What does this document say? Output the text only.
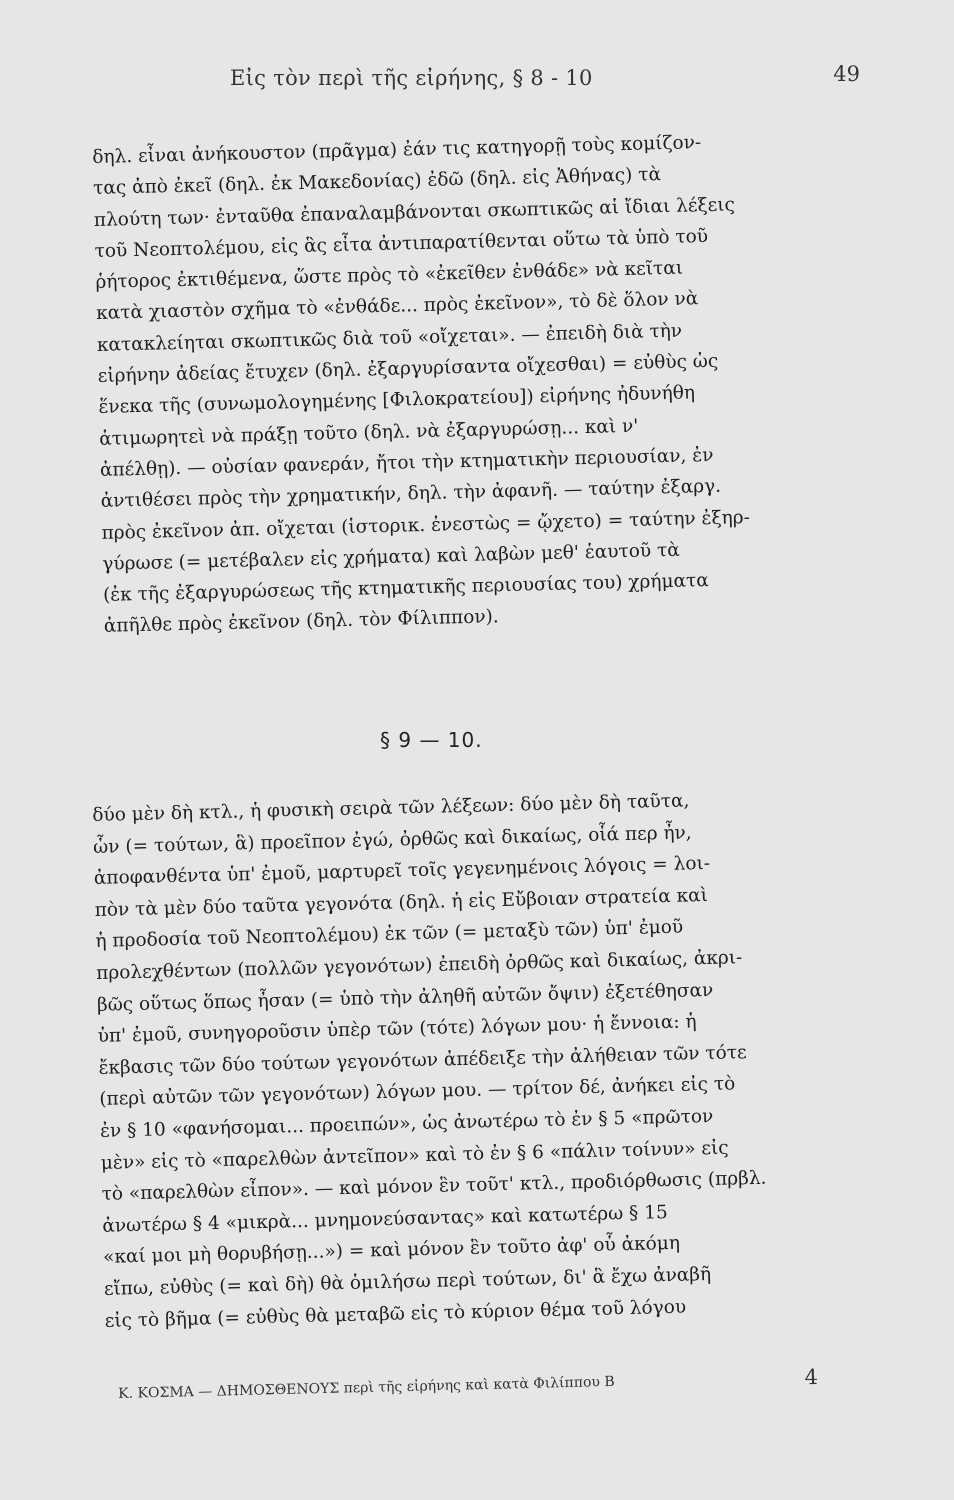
Εἰς τὸν περὶ τῆς εἰρήνης, § 8 - 10	49

δηλ. εἶναι ἀνήκουστον (πρᾶγμα) ἐάν τις κατηγορῇ τοὺς κομίζον-
τας ἀπὸ ἐκεῖ (δηλ. ἐκ Μακεδονίας) ἐδῶ (δηλ. εἰς Ἀθήνας) τὰ
πλούτη των· ἐνταῦθα ἐπαναλαμβάνονται σκωπτικῶς αἱ ἴδιαι λέξεις
τοῦ Νεοπτολέμου, εἰς ἃς εἶτα ἀντιπαρατίθενται οὕτω τὰ ὑπὸ τοῦ
ῥήτορος ἐκτιθέμενα, ὥστε πρὸς τὸ «ἐκεῖθεν ἐνθάδε» νὰ κεῖται
κατὰ χιαστὸν σχῆμα τὸ «ἐνθάδε... πρὸς ἐκεῖνον», τὸ δὲ ὅλον νὰ
κατακλείηται σκωπτικῶς διὰ τοῦ «οἴχεται». — ἐπειδὴ διὰ τὴν
εἰρήνην ἀδείας ἔτυχεν (δηλ. ἐξαργυρίσαντα οἴχεσθαι) = εὐθὺς ὡς
ἕνεκα τῆς (συνωμολογημένης [Φιλοκρατείου]) εἰρήνης ἠδυνήθη
ἀτιμωρητεὶ νὰ πράξῃ τοῦτο (δηλ. νὰ ἐξαργυρώσῃ... καὶ ν'
ἀπέλθῃ). — οὐσίαν φανεράν, ἤτοι τὴν κτηματικὴν περιουσίαν, ἐν
ἀντιθέσει πρὸς τὴν χρηματικήν, δηλ. τὴν ἀφανῆ. — ταύτην ἐξαργ.
πρὸς ἐκεῖνον ἀπ. οἴχεται (ἱστορικ. ἐνεστὼς = ᾤχετο) = ταύτην ἐξηρ-
γύρωσε (= μετέβαλεν εἰς χρήματα) καὶ λαβὼν μεθ' ἑαυτοῦ τὰ
(ἐκ τῆς ἐξαργυρώσεως τῆς κτηματικῆς περιουσίας του) χρήματα
ἀπῆλθε πρὸς ἐκεῖνον (δηλ. τὸν Φίλιππον).

§ 9 — 10.

δύο μὲν δὴ κτλ., ἡ φυσικὴ σειρὰ τῶν λέξεων: δύο μὲν δὴ ταῦτα,
ὧν (= τούτων, ἃ) προεῖπον ἐγώ, ὀρθῶς καὶ δικαίως, οἷά περ ἦν,
ἀποφανθέντα ὑπ' ἐμοῦ, μαρτυρεῖ τοῖς γεγενημένοις λόγοις = λοι-
πὸν τὰ μὲν δύο ταῦτα γεγονότα (δηλ. ἡ εἰς Εὔβοιαν στρατεία καὶ
ἡ προδοσία τοῦ Νεοπτολέμου) ἐκ τῶν (= μεταξὺ τῶν) ὑπ' ἐμοῦ
προλεχθέντων (πολλῶν γεγονότων) ἐπειδὴ ὀρθῶς καὶ δικαίως, ἀκρι-
βῶς οὕτως ὅπως ἦσαν (= ὑπὸ τὴν ἀληθῆ αὐτῶν ὄψιν) ἐξετέθησαν
ὑπ' ἐμοῦ, συνηγοροῦσιν ὑπὲρ τῶν (τότε) λόγων μου· ἡ ἔννοια: ἡ
ἔκβασις τῶν δύο τούτων γεγονότων ἀπέδειξε τὴν ἀλήθειαν τῶν τότε
(περὶ αὐτῶν τῶν γεγονότων) λόγων μου. — τρίτον δέ, ἀνήκει εἰς τὸ
ἐν § 10 «φανήσομαι... προειπών», ὡς ἀνωτέρω τὸ ἐν § 5 «πρῶτον
μὲν» εἰς τὸ «παρελθὼν ἀντεῖπον» καὶ τὸ ἐν § 6 «πάλιν τοίνυν» εἰς
τὸ «παρελθὼν εἶπον». — καὶ μόνον ἓν τοῦτ' κτλ., προδιόρθωσις (πρβλ.
ἀνωτέρω § 4 «μικρὰ... μνημονεύσαντας» καὶ κατωτέρω § 15
«καί μοι μὴ θορυβήσῃ...») = καὶ μόνον ἓν τοῦτο ἀφ' οὗ ἀκόμη
εἴπω, εὐθὺς (= καὶ δὴ) θὰ ὁμιλήσω περὶ τούτων, δι' ἃ ἔχω ἀναβῆ
εἰς τὸ βῆμα (= εὐθὺς θὰ μεταβῶ εἰς τὸ κύριον θέμα τοῦ λόγου

Κ. ΚΟΣΜΑ — ΔΗΜΟΣΘΕΝΟΥΣ περὶ τῆς εἰρήνης καὶ κατὰ Φιλίππου Β	4
